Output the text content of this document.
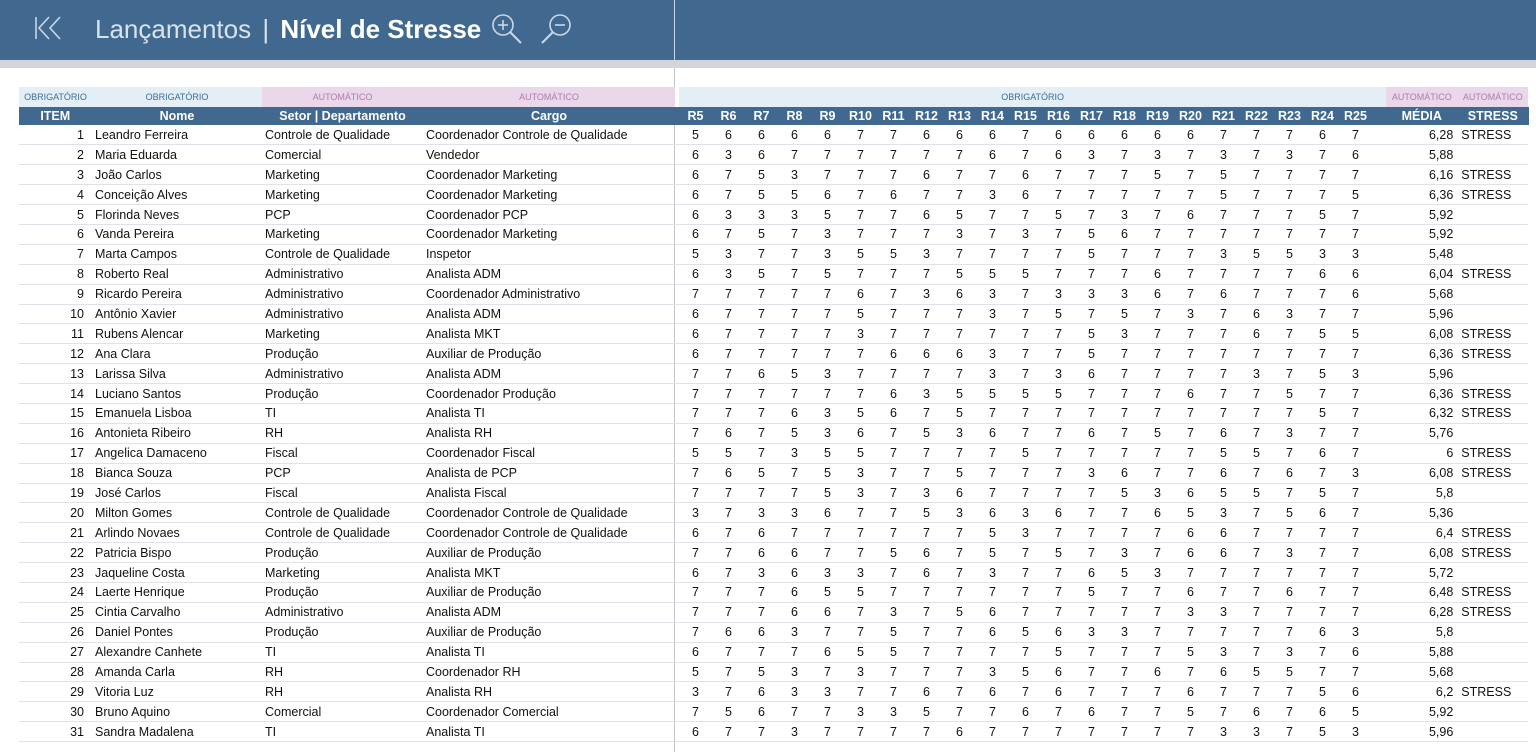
Lançamentos | Nível de Stresse
OBRIGATÓRIO	OBRIGATÓRIO	AUTOMÁTICO	AUTOMÁTICO		OBRIGATÓRIO																						AUTOMÁTICO	AUTOMÁTICO
ITEM	Nome	Setor | Departamento	Cargo		R5	R6	R7	R8	R9	R10	R11	R12	R13	R14	R15	R16	R17	R18	R19	R20	R21	R22	R23	R24	R25		MÉDIA	STRESS
1	Leandro Ferreira	Controle de Qualidade	Coordenador Controle de Qualidade		5	6	6	6	6	7	7	6	6	6	7	6	6	6	6	6	7	7	7	6	7		6,28	STRESS
2	Maria Eduarda	Comercial	Vendedor		6	3	6	7	7	7	7	7	7	6	7	6	3	7	3	7	3	7	3	7	6		5,88	
3	João Carlos	Marketing	Coordenador Marketing		6	7	5	3	7	7	7	6	7	7	6	7	7	7	5	7	5	7	7	7	7		6,16	STRESS
4	Conceição Alves	Marketing	Coordenador Marketing		6	7	5	5	6	7	6	7	7	3	6	7	7	7	7	7	5	7	7	7	5		6,36	STRESS
5	Florinda Neves	PCP	Coordenador PCP		6	3	3	3	5	7	7	6	5	7	7	5	7	3	7	6	7	7	7	5	7		5,92	
6	Vanda Pereira	Marketing	Coordenador Marketing		6	7	5	7	3	7	7	7	3	7	3	7	5	6	7	7	7	7	7	7	7		5,92	
7	Marta Campos	Controle de Qualidade	Inspetor		5	3	7	7	3	5	5	3	7	7	7	7	5	7	7	7	3	5	5	3	3		5,48	
8	Roberto Real	Administrativo	Analista ADM		6	3	5	7	5	7	7	7	5	5	5	7	7	7	6	7	7	7	7	6	6		6,04	STRESS
9	Ricardo Pereira	Administrativo	Coordenador Administrativo		7	7	7	7	7	6	7	3	6	3	7	3	3	3	6	7	6	7	7	7	6		5,68	
10	Antônio Xavier	Administrativo	Analista ADM		6	7	7	7	7	5	7	7	7	3	7	5	7	5	7	3	7	6	3	7	7		5,96	
11	Rubens Alencar	Marketing	Analista MKT		6	7	7	7	7	3	7	7	7	7	7	7	5	3	7	7	7	6	7	5	5		6,08	STRESS
12	Ana Clara	Produção	Auxiliar de Produção		6	7	7	7	7	7	6	6	6	3	7	7	5	7	7	7	7	7	7	7	7		6,36	STRESS
13	Larissa Silva	Administrativo	Analista ADM		7	7	6	5	3	7	7	7	7	3	7	3	6	7	7	7	7	3	7	5	3		5,96	
14	Luciano Santos	Produção	Coordenador Produção		7	7	7	7	7	7	6	3	5	5	5	5	7	7	7	6	7	7	5	7	7		6,36	STRESS
15	Emanuela Lisboa	TI	Analista TI		7	7	7	6	3	5	6	7	5	7	7	7	7	7	7	7	7	7	7	5	7		6,32	STRESS
16	Antonieta Ribeiro	RH	Analista RH		7	6	7	5	3	6	7	5	3	6	7	7	6	7	5	7	6	7	3	7	7		5,76	
17	Angelica Damaceno	Fiscal	Coordenador Fiscal		5	5	7	3	5	5	7	7	7	7	5	7	7	7	7	7	5	5	7	6	7		6	STRESS
18	Bianca Souza	PCP	Analista de PCP		7	6	5	7	5	3	7	7	5	7	7	7	3	6	7	7	6	7	6	7	3		6,08	STRESS
19	José Carlos	Fiscal	Analista Fiscal		7	7	7	7	5	3	7	3	6	7	7	7	7	5	3	6	5	5	7	5	7		5,8	
20	Milton Gomes	Controle de Qualidade	Coordenador Controle de Qualidade		3	7	3	3	6	7	7	5	3	6	3	6	7	7	6	5	3	7	5	6	7		5,36	
21	Arlindo Novaes	Controle de Qualidade	Coordenador Controle de Qualidade		6	7	6	7	7	7	7	7	7	5	3	7	7	7	7	6	6	7	7	7	7		6,4	STRESS
22	Patricia Bispo	Produção	Auxiliar de Produção		7	7	6	6	7	7	5	6	7	5	7	5	7	3	7	6	6	7	3	7	7		6,08	STRESS
23	Jaqueline Costa	Marketing	Analista MKT		6	7	3	6	3	3	7	6	7	3	7	7	6	5	3	7	7	7	7	7	7		5,72	
24	Laerte Henrique	Produção	Auxiliar de Produção		7	7	7	6	5	5	7	7	7	7	7	7	5	7	7	6	7	7	6	7	7		6,48	STRESS
25	Cintia Carvalho	Administrativo	Analista ADM		7	7	7	6	6	7	3	7	5	6	7	7	7	7	7	3	3	7	7	7	7		6,28	STRESS
26	Daniel Pontes	Produção	Auxiliar de Produção		7	6	6	3	7	7	5	7	7	6	5	6	3	3	7	7	7	7	7	6	3		5,8	
27	Alexandre Canhete	TI	Analista TI		6	7	7	7	6	5	5	7	7	7	7	5	7	7	7	5	3	7	3	7	6		5,88	
28	Amanda Carla	RH	Coordenador RH		5	7	5	3	7	3	7	7	7	3	5	6	7	7	6	7	6	5	5	7	7		5,68	
29	Vitoria Luz	RH	Analista RH		3	7	6	3	3	7	7	6	7	6	7	6	7	7	7	6	7	7	7	5	6		6,2	STRESS
30	Bruno Aquino	Comercial	Coordenador Comercial		7	5	6	7	7	3	3	5	7	7	6	7	6	7	7	5	7	6	7	6	5		5,92	
31	Sandra Madalena	TI	Analista TI		6	7	7	3	7	7	7	7	6	7	7	7	7	7	7	7	3	3	7	5	3		5,96	
